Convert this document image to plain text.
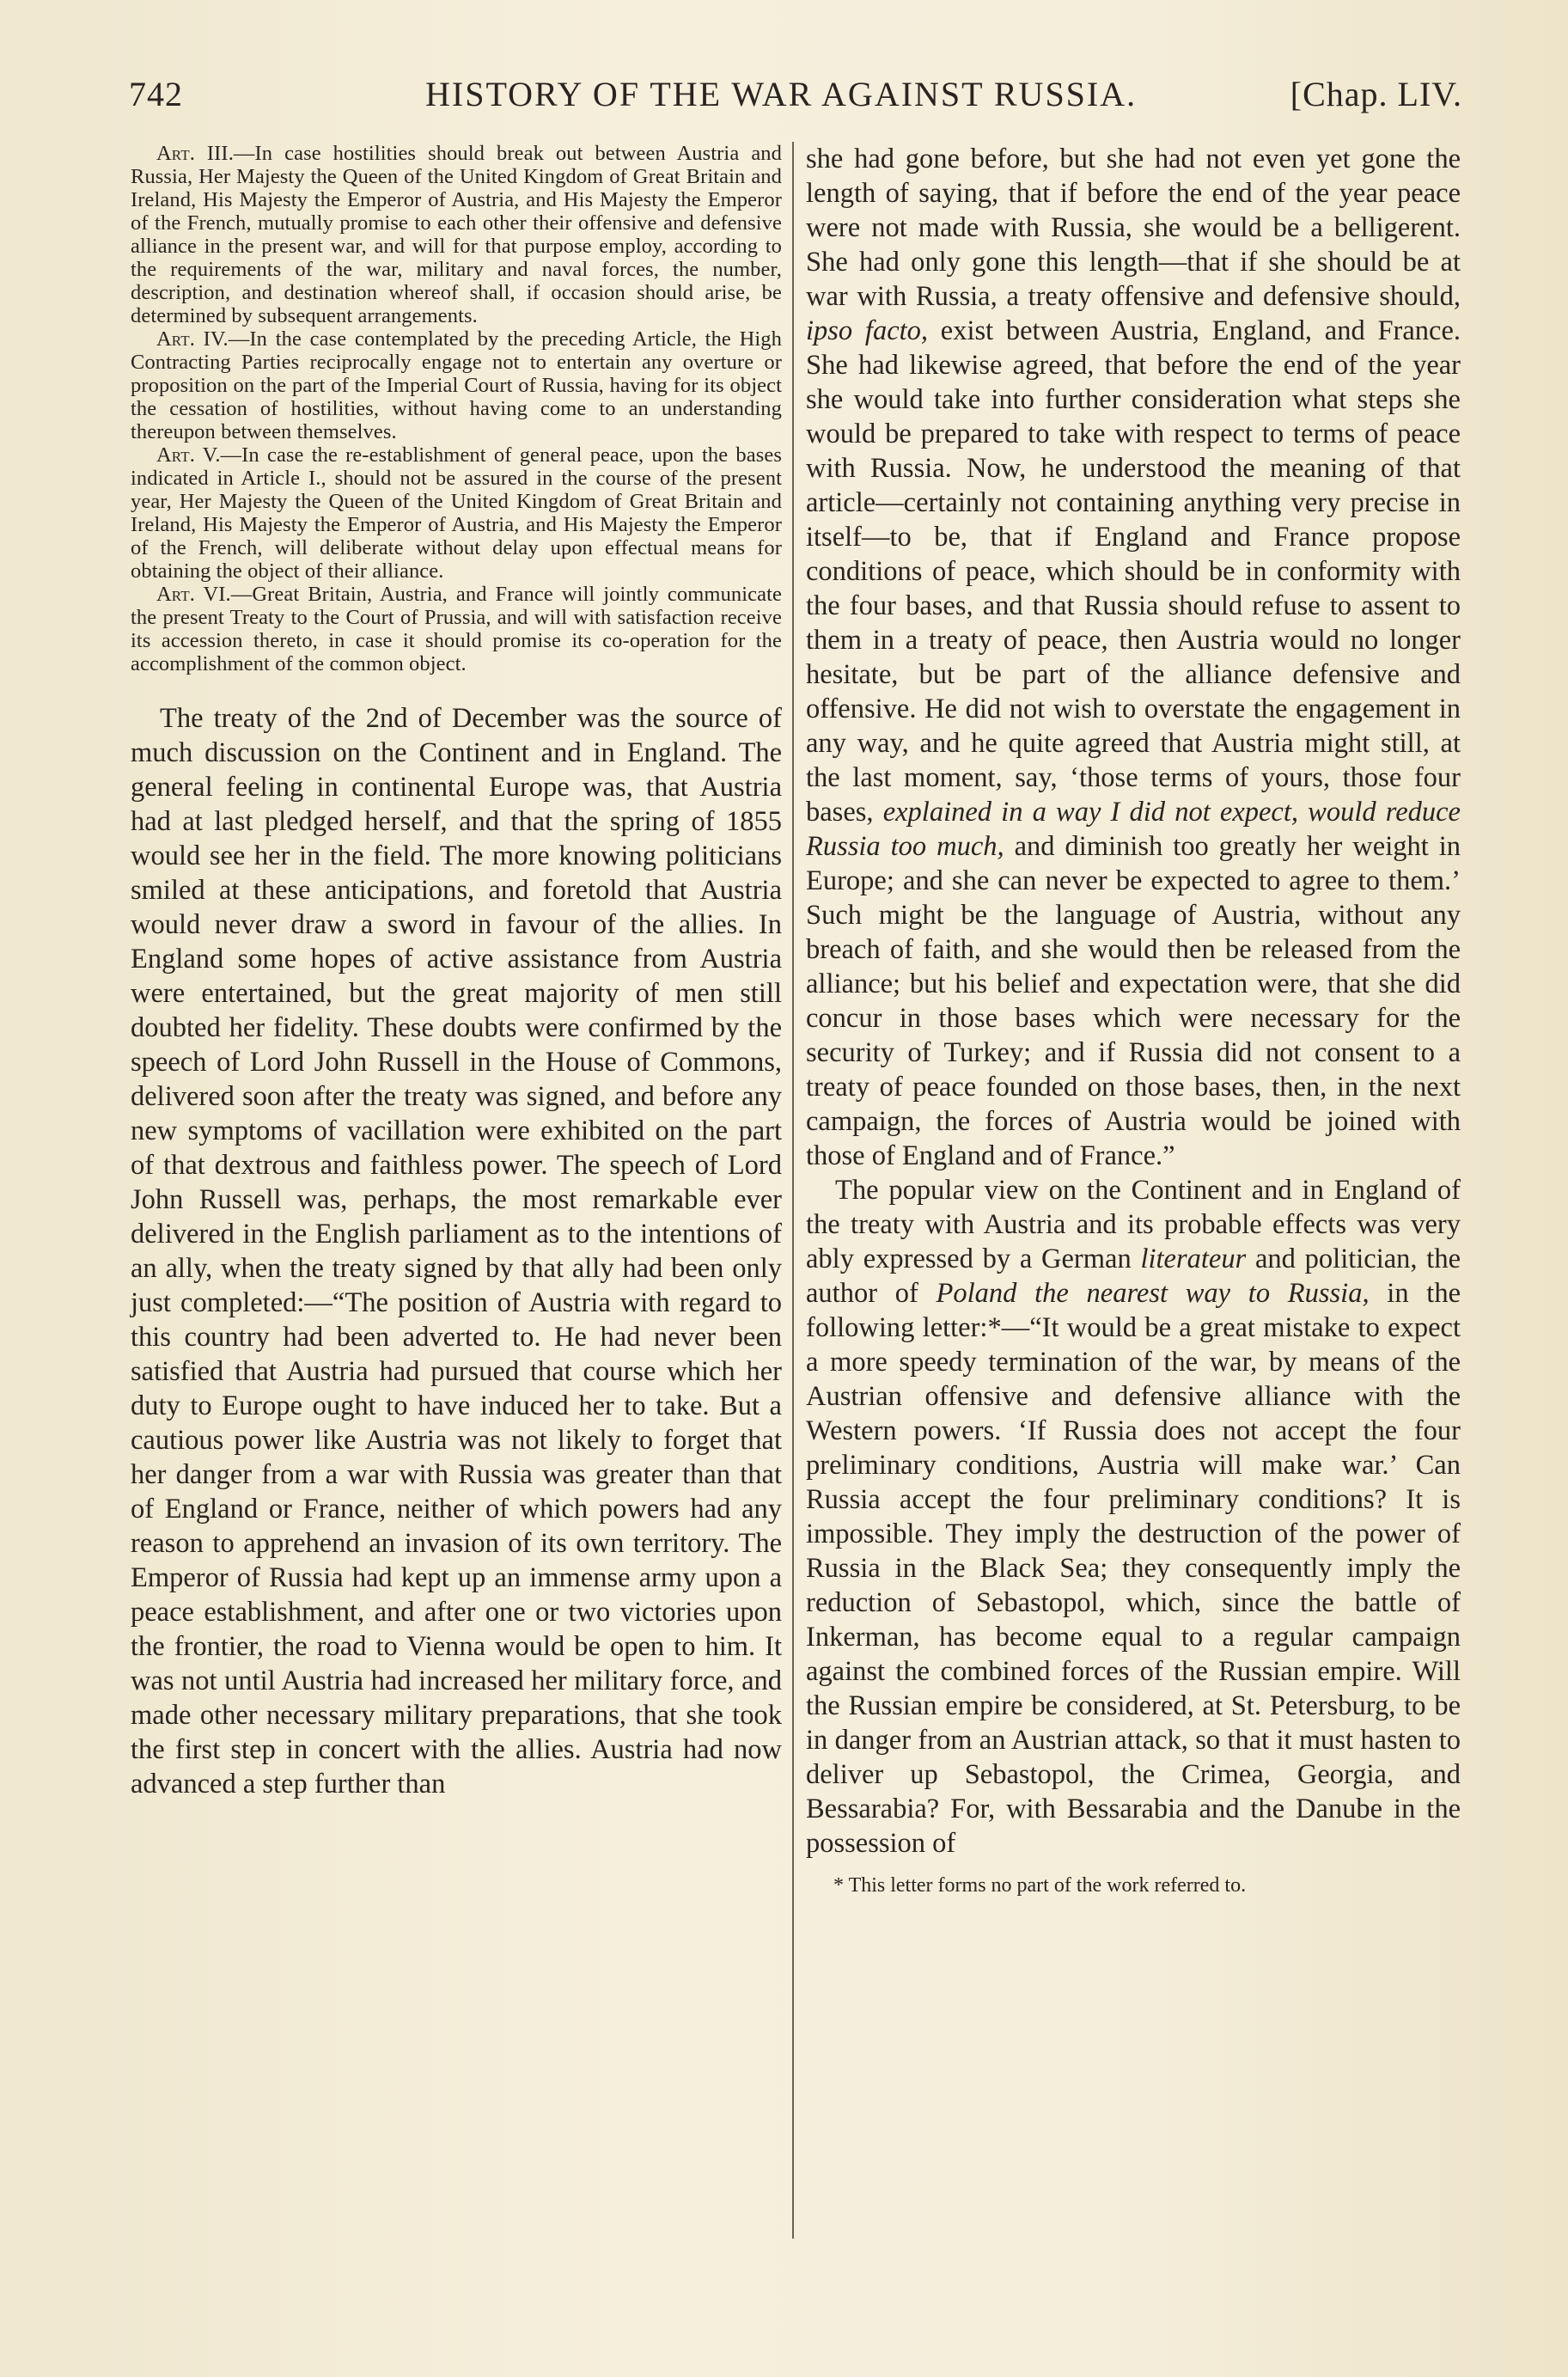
742	HISTORY OF THE WAR AGAINST RUSSIA.	[Chap. LIV.

Art. III.—In case hostilities should break out between Austria and Russia, Her Majesty the Queen of the United Kingdom of Great Britain and Ireland, His Majesty the Emperor of Austria, and His Majesty the Emperor of the French, mutually promise to each other their offensive and defensive alliance in the present war, and will for that purpose employ, according to the requirements of the war, military and naval forces, the number, description, and destination whereof shall, if occasion should arise, be determined by subsequent arrangements.

Art. IV.—In the case contemplated by the preceding Article, the High Contracting Parties reciprocally engage not to entertain any overture or proposition on the part of the Imperial Court of Russia, having for its object the cessation of hostilities, without having come to an understanding thereupon between themselves.

Art. V.—In case the re-establishment of general peace, upon the bases indicated in Article I., should not be assured in the course of the present year, Her Majesty the Queen of the United Kingdom of Great Britain and Ireland, His Majesty the Emperor of Austria, and His Majesty the Emperor of the French, will deliberate without delay upon effectual means for obtaining the object of their alliance.

Art. VI.—Great Britain, Austria, and France will jointly communicate the present Treaty to the Court of Prussia, and will with satisfaction receive its accession thereto, in case it should promise its co-operation for the accomplishment of the common object.

The treaty of the 2nd of December was the source of much discussion on the Continent and in England. The general feeling in continental Europe was, that Austria had at last pledged herself, and that the spring of 1855 would see her in the field. The more knowing politicians smiled at these anticipations, and foretold that Austria would never draw a sword in favour of the allies. In England some hopes of active assistance from Austria were entertained, but the great majority of men still doubted her fidelity. These doubts were confirmed by the speech of Lord John Russell in the House of Commons, delivered soon after the treaty was signed, and before any new symptoms of vacillation were exhibited on the part of that dextrous and faithless power. The speech of Lord John Russell was, perhaps, the most remarkable ever delivered in the English parliament as to the intentions of an ally, when the treaty signed by that ally had been only just completed:—“The position of Austria with regard to this country had been adverted to. He had never been satisfied that Austria had pursued that course which her duty to Europe ought to have induced her to take. But a cautious power like Austria was not likely to forget that her danger from a war with Russia was greater than that of England or France, neither of which powers had any reason to apprehend an invasion of its own territory. The Emperor of Russia had kept up an immense army upon a peace establishment, and after one or two victories upon the frontier, the road to Vienna would be open to him. It was not until Austria had increased her military force, and made other necessary military preparations, that she took the first step in concert with the allies. Austria had now advanced a step further than

she had gone before, but she had not even yet gone the length of saying, that if before the end of the year peace were not made with Russia, she would be a belligerent. She had only gone this length—that if she should be at war with Russia, a treaty offensive and defensive should, ipso facto, exist between Austria, England, and France. She had likewise agreed, that before the end of the year she would take into further consideration what steps she would be prepared to take with respect to terms of peace with Russia. Now, he understood the meaning of that article—certainly not containing anything very precise in itself—to be, that if England and France propose conditions of peace, which should be in conformity with the four bases, and that Russia should refuse to assent to them in a treaty of peace, then Austria would no longer hesitate, but be part of the alliance defensive and offensive. He did not wish to overstate the engagement in any way, and he quite agreed that Austria might still, at the last moment, say, ‘those terms of yours, those four bases, explained in a way I did not expect, would reduce Russia too much, and diminish too greatly her weight in Europe; and she can never be expected to agree to them.’ Such might be the language of Austria, without any breach of faith, and she would then be released from the alliance; but his belief and expectation were, that she did concur in those bases which were necessary for the security of Turkey; and if Russia did not consent to a treaty of peace founded on those bases, then, in the next campaign, the forces of Austria would be joined with those of England and of France.”

The popular view on the Continent and in England of the treaty with Austria and its probable effects was very ably expressed by a German literateur and politician, the author of Poland the nearest way to Russia, in the following letter:*—“It would be a great mistake to expect a more speedy termination of the war, by means of the Austrian offensive and defensive alliance with the Western powers. ‘If Russia does not accept the four preliminary conditions, Austria will make war.’ Can Russia accept the four preliminary conditions? It is impossible. They imply the destruction of the power of Russia in the Black Sea; they consequently imply the reduction of Sebastopol, which, since the battle of Inkerman, has become equal to a regular campaign against the combined forces of the Russian empire. Will the Russian empire be considered, at St. Petersburg, to be in danger from an Austrian attack, so that it must hasten to deliver up Sebastopol, the Crimea, Georgia, and Bessarabia? For, with Bessarabia and the Danube in the possession of

* This letter forms no part of the work referred to.
